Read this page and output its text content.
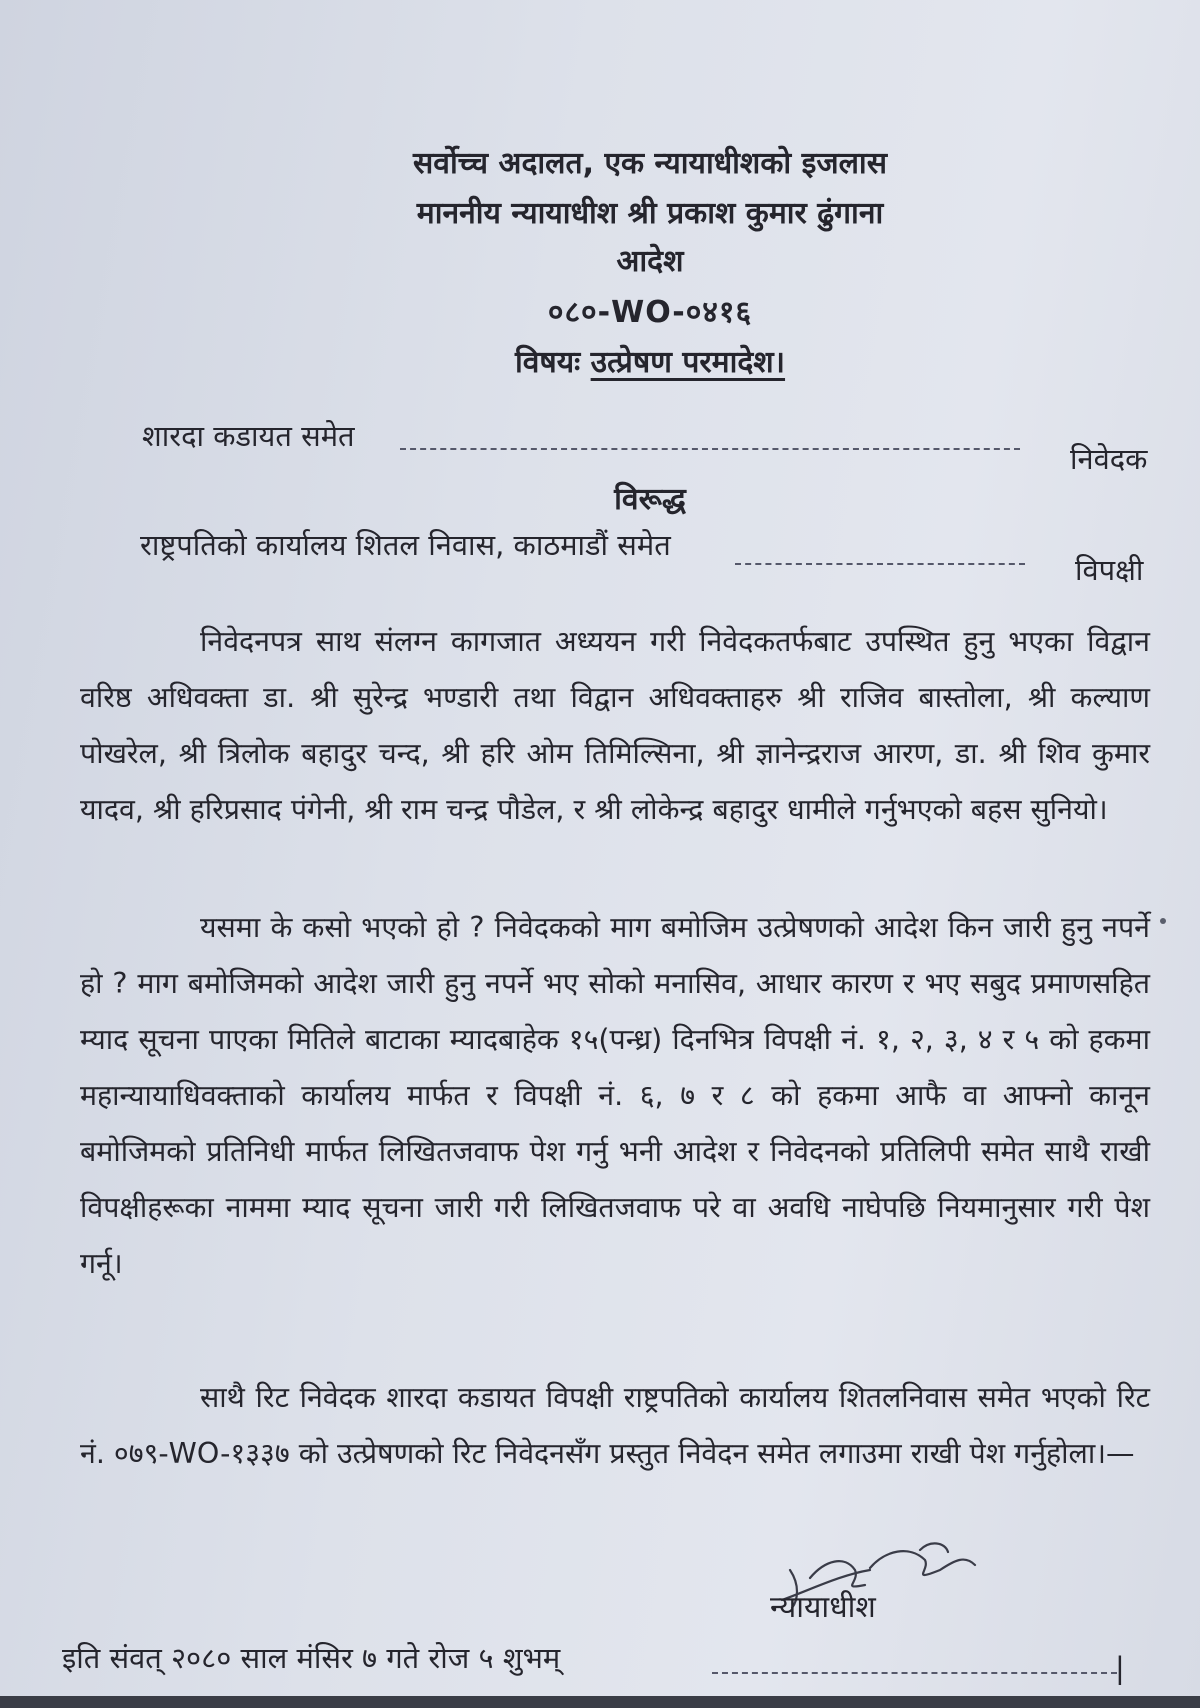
सर्वोच्च अदालत, एक न्यायाधीशको इजलास
माननीय न्यायाधीश श्री प्रकाश कुमार ढुंगाना
आदेश
०८०-WO-०४१६
विषयः उत्प्रेषण परमादेश।
शारदा कडायत समेत
निवेदक
विरूद्ध
राष्ट्रपतिको कार्यालय शितल निवास, काठमाडौं समेत
विपक्षी
निवेदनपत्र साथ संलग्न कागजात अध्ययन गरी निवेदकतर्फबाट उपस्थित हुनु भएका विद्वान वरिष्ठ अधिवक्ता डा. श्री सुरेन्द्र भण्डारी तथा विद्वान अधिवक्ताहरु श्री राजिव बास्तोला, श्री कल्याण पोखरेल, श्री त्रिलोक बहादुर चन्द, श्री हरि ओम तिमिल्सिना, श्री ज्ञानेन्द्रराज आरण, डा. श्री शिव कुमार यादव, श्री हरिप्रसाद पंगेनी, श्री राम चन्द्र पौडेल, र श्री लोकेन्द्र बहादुर धामीले गर्नुभएको बहस सुनियो।
यसमा के कसो भएको हो ? निवेदकको माग बमोजिम उत्प्रेषणको आदेश किन जारी हुनु नपर्ने हो ? माग बमोजिमको आदेश जारी हुनु नपर्ने भए सोको मनासिव, आधार कारण र भए सबुद प्रमाणसहित म्याद सूचना पाएका मितिले बाटाका म्यादबाहेक १५(पन्ध्र) दिनभित्र विपक्षी नं. १, २, ३, ४ र ५ को हकमा महान्यायाधिवक्ताको कार्यालय मार्फत र विपक्षी नं. ६, ७ र ८ को हकमा आफै वा आफ्नो कानून बमोजिमको प्रतिनिधी मार्फत लिखितजवाफ पेश गर्नु भनी आदेश र निवेदनको प्रतिलिपी समेत साथै राखी विपक्षीहरूका नाममा म्याद सूचना जारी गरी लिखितजवाफ परे वा अवधि नाघेपछि नियमानुसार गरी पेश गर्नू।
साथै रिट निवेदक शारदा कडायत विपक्षी राष्ट्रपतिको कार्यालय शितलनिवास समेत भएको रिट नं. ०७९-WO-१३३७ को उत्प्रेषणको रिट निवेदनसँग प्रस्तुत निवेदन समेत लगाउमा राखी पेश गर्नुहोला।—
न्यायाधीश
इति संवत् २०८० साल मंसिर ७ गते रोज ५ शुभम्	|
